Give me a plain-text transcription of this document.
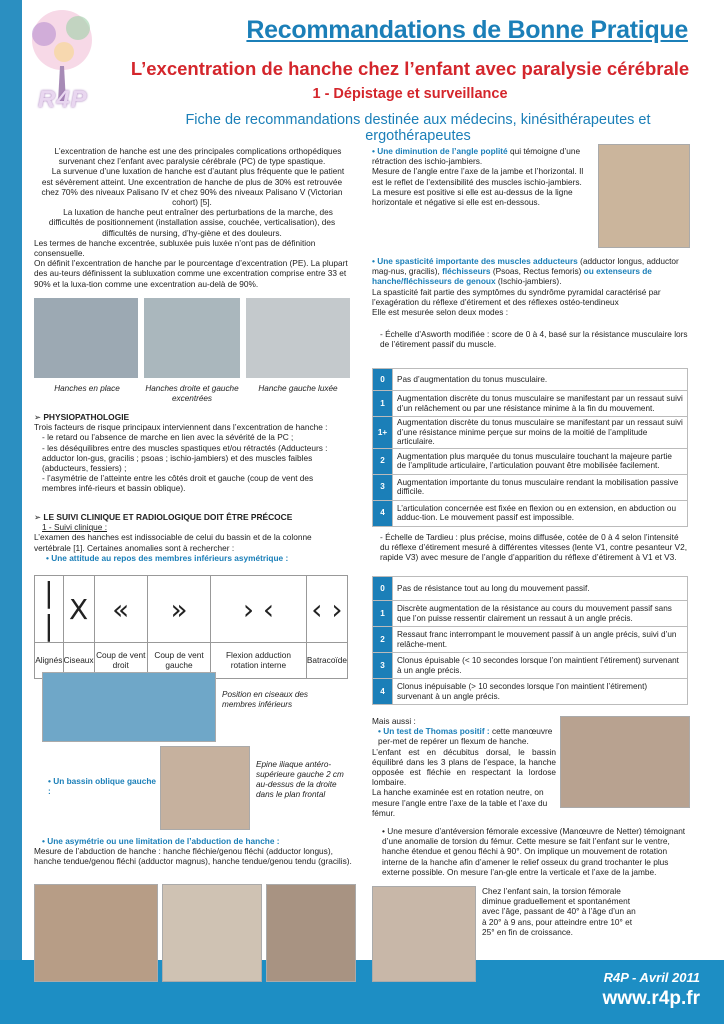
R4P
Recommandations de Bonne Pratique
L’excentration de hanche chez l’enfant avec paralysie cérébrale
1 - Dépistage et surveillance
Fiche de recommandations destinée aux médecins, kinésithérapeutes et ergothérapeutes

L’excentration de hanche est une des principales complications orthopédiques survenant chez l’enfant avec paralysie cérébrale (PC) de type spastique.

La survenue d’une luxation de hanche est d’autant plus fréquente que le patient est sévèrement atteint. Une excentration de hanche de plus de 30% est retrouvée chez 70% des niveaux Palisano IV et chez 90% des niveaux Palisano V (Victorian cohort) [5].

La luxation de hanche peut entraîner des perturbations de la marche, des difficultés de positionnement (installation assise, couchée, verticalisation), des difficultés de nursing, d’hy-giène et des douleurs.

Les termes de hanche excentrée, subluxée puis luxée n’ont pas de définition consensuelle.

On définit l’excentration de hanche par le pourcentage d’excentration (PE). La plupart des au-teurs définissent la subluxation comme une excentration comprise entre 33 et 90% et la luxa-tion comme une excentration au-delà de 90%.

Hanches en place	Hanches droite et gauche excentrées
Hanche gauche luxée

➢ PHYSIOPATHOLOGIE

Trois facteurs de risque principaux interviennent dans l’excentration de hanche :

- le retard ou l’absence de marche en lien avec la sévérité de la PC ;

- les déséquilibres entre des muscles spastiques et/ou rétractés (Adducteurs : adductor lon-gus, gracilis ; psoas ; ischio-jambiers) et des muscles faibles (abducteurs, fessiers) ;

- l’asymétrie de l’atteinte entre les côtés droit et gauche (coup de vent des membres infé-rieurs et bassin oblique).

➢ LE SUIVI CLINIQUE ET RADIOLOGIQUE DOIT ÊTRE PRÉCOCE

1 - Suivi clinique :

L’examen des hanches est indissociable de celui du bassin et de la colonne vertébrale [1]. Certaines anomalies sont à rechercher :

• Une attitude au repos des membres inférieurs asymétrique :

| |	X	«	»	› ‹	‹ ›
Alignés	Ciseaux	Coup de vent droit	Coup de vent gauche	Flexion adduction rotation interne	Batracoïde
Position en ciseaux des membres inférieurs
• Un bassin oblique gauche :
Epine iliaque antéro-supérieure gauche 2 cm au-dessus de la droite dans le plan frontal

• Une asymétrie ou une limitation de l’abduction de hanche :

Mesure de l’abduction de hanche : hanche fléchie/genou fléchi (adductor longus), hanche tendue/genou fléchi (adductor magnus), hanche tendue/genou tendu (gracilis).

• Une diminution de l’angle poplité qui témoigne d’une rétraction des ischio-jambiers.

Mesure de l’angle entre l’axe de la jambe et l’horizontal. Il est le reflet de l’extensibilité des muscles ischio-jambiers. La mesure est positive si elle est au-dessus de la ligne horizontale et négative si elle est en-dessous.

• Une spasticité importante des muscles adducteurs (adductor longus, adductor mag-nus, gracilis), fléchisseurs (Psoas, Rectus femoris) ou extenseurs de hanche/fléchisseurs de genoux (Ischio-jambiers).

La spasticité fait partie des symptômes du syndrôme pyramidal caractérisé par l’exagération du réflexe d’étirement et des réflexes ostéo-tendineux

Elle est mesurée selon deux modes :

- Échelle d’Asworth modifiée : score de 0 à 4, basé sur la résistance musculaire lors de l’étirement passif du muscle.

0	Pas d’augmentation du tonus musculaire.
1	Augmentation discrète du tonus musculaire se manifestant par un ressaut suivi d’un relâchement ou par une résistance minime à la fin du mouvement.
1+	Augmentation discrète du tonus musculaire se manifestant par un ressaut suivi d’une résistance minime perçue sur moins de la moitié de l’amplitude articulaire.
2	Augmentation plus marquée du tonus musculaire touchant la majeure partie de l’amplitude articulaire, l’articulation pouvant être mobilisée facilement.
3	Augmentation importante du tonus musculaire rendant la mobilisation passive difficile.
4	L’articulation concernée est fixée en flexion ou en extension, en abduction ou adduc-tion. Le mouvement passif est impossible.
- Échelle de Tardieu : plus précise, moins diffusée, cotée de 0 à 4 selon l’intensité du réflexe d’étirement mesuré à différentes vitesses (lente V1, contre pesanteur V2, rapide V3) avec mesure de l’angle d’apparition du réflexe d’étirement à V1 et V3.
0	Pas de résistance tout au long du mouvement passif.
1	Discrète augmentation de la résistance au cours du mouvement passif sans que l’on puisse ressentir clairement un ressaut à un angle précis.
2	Ressaut franc interrompant le mouvement passif à un angle précis, suivi d’un relâche-ment.
3	Clonus épuisable (< 10 secondes lorsque l’on maintient l’étirement) survenant à un angle précis.
4	Clonus inépuisable (> 10 secondes lorsque l’on maintient l’étirement) survenant à un angle précis.

Mais aussi :

• Un test de Thomas positif : cette manœuvre per-met de repérer un flexum de hanche.

L’enfant est en décubitus dorsal, le bassin équilibré dans les 3 plans de l’espace, la hanche opposée est fléchie en respectant la lordose lombaire.

La hanche examinée est en rotation neutre, on mesure l’angle entre l’axe de la table et l’axe du fémur.

• Une mesure d’antéversion fémorale excessive (Manœuvre de Netter) témoignant d’une anomalie de torsion du fémur. Cette mesure se fait l’enfant sur le ventre, hanche étendue et genou fléchi à 90°. On implique un mouvement de rotation interne de la hanche afin d’amener le relief osseux du grand trochanter le plus externe possible. On mesure l’an-gle entre la verticale et l’axe de la jambe.

Chez l’enfant sain, la torsion fémorale diminue graduellement et spontanément avec l’âge, passant de 40° à l’âge d’un an à 20° à 9 ans, pour atteindre entre 10° et 25° en fin de croissance.
R4P - Avril 2011
www.r4p.fr
